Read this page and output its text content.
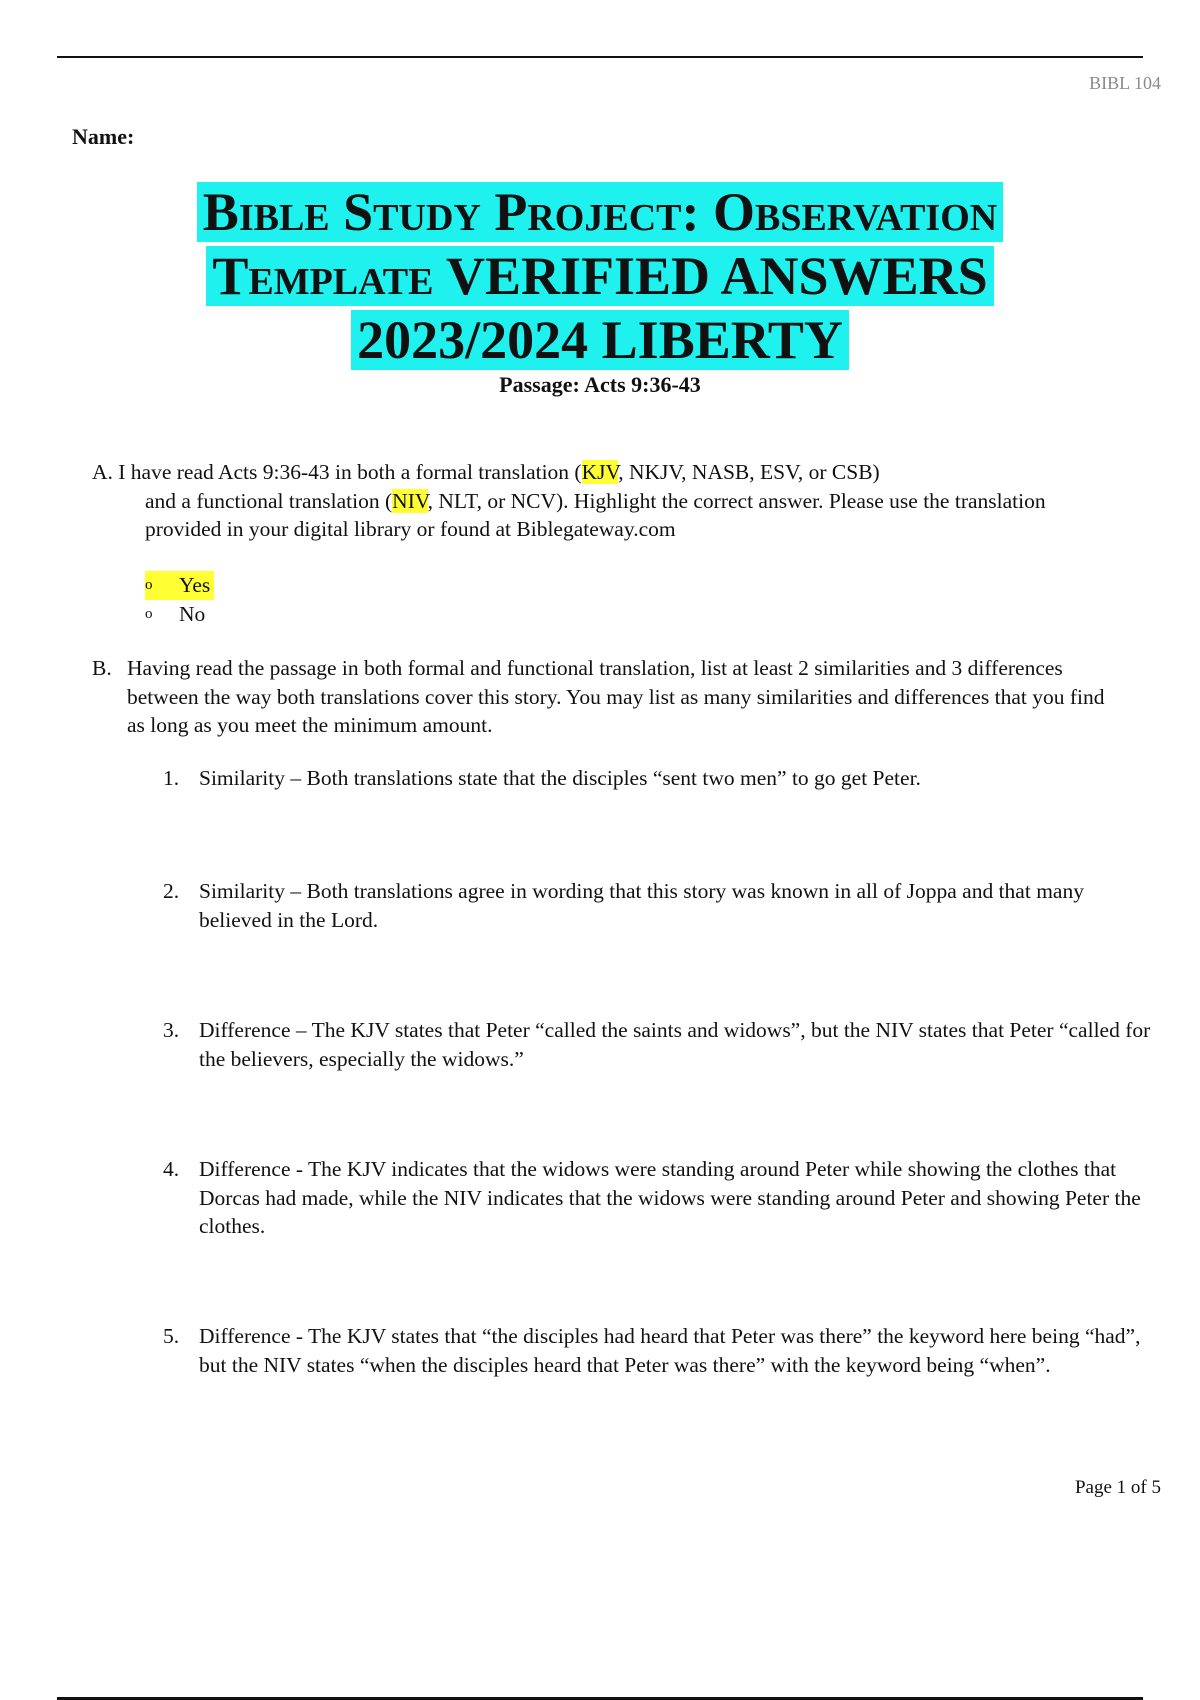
BIBL 104
Name:
Bible Study Project: Observation
Template VERIFIED ANSWERS
2023/2024 LIBERTY
Passage: Acts 9:36-43
A. I have read Acts 9:36-43 in both a formal translation (KJV, NKJV, NASB, ESV, or CSB)
and a functional translation (NIV, NLT, or NCV). Highlight the correct answer. Please use the translation provided in your digital library or found at Biblegateway.com
o	Yes
o	No
B. Having read the passage in both formal and functional translation, list at least 2 similarities and 3 differences between the way both translations cover this story. You may list as many similarities and differences that you find as long as you meet the minimum amount.
1. Similarity – Both translations state that the disciples “sent two men” to go get Peter.
2. Similarity – Both translations agree in wording that this story was known in all of Joppa and that many believed in the Lord.
3. Difference – The KJV states that Peter “called the saints and widows”, but the NIV states that Peter “called for the believers, especially the widows.”
4. Difference - The KJV indicates that the widows were standing around Peter while showing the clothes that Dorcas had made, while the NIV indicates that the widows were standing around Peter and showing Peter the clothes.
5. Difference - The KJV states that “the disciples had heard that Peter was there” the keyword here being “had”, but the NIV states “when the disciples heard that Peter was there” with the keyword being “when”.
Page 1 of 5
